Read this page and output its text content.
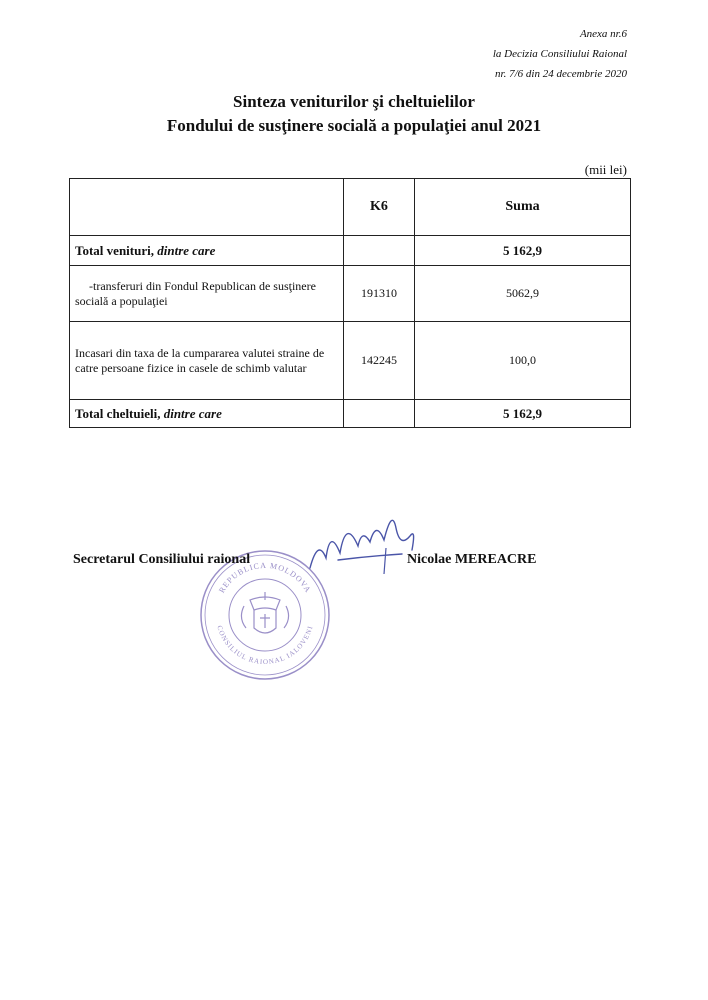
Anexa nr.6
la Decizia Consiliului Raional
nr. 7/6 din 24 decembrie 2020
Sinteza veniturilor şi cheltuielilor
Fondului de susţinere socială a populaţiei anul 2021
(mii lei)
	K6	Suma
Total venituri, dintre care		5 162,9
-transferuri din Fondul Republican de susţinere socială a populaţiei	191310	5062,9
Incasari din taxa de la cumpararea valutei straine de catre persoane fizice in casele de schimb valutar	142245	100,0
Total cheltuieli, dintre care		5 162,9
REPUBLICA MOLDOVA
CONSILIUL RAIONAL IALOVENI
Secretarul Consiliului raional	Nicolae MEREACRE
